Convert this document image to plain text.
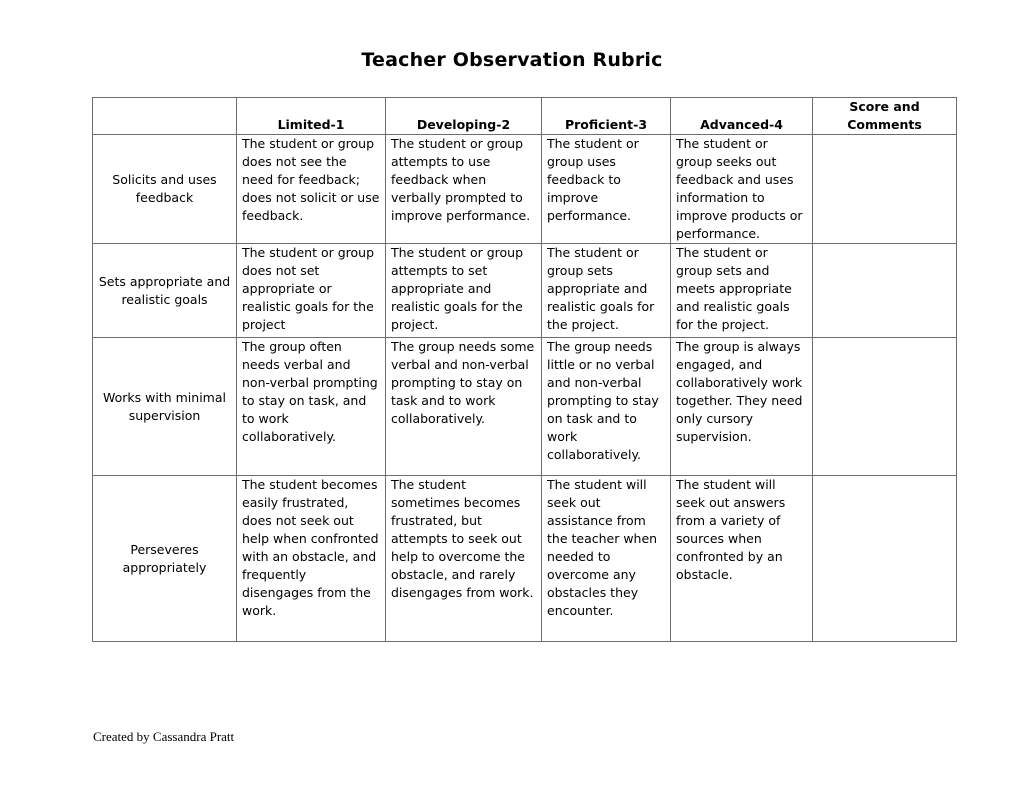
Teacher Observation Rubric
	Limited-1	Developing-2	Proficient-3	Advanced-4	Score and
Comments

Solicits and uses feedback	The student or group does not see the need for feedback; does not solicit or use feedback.	The student or group attempts to use feedback when verbally prompted to improve performance.	The student or group uses feedback to improve performance.	The student or group seeks out feedback and uses information to improve products or performance.	
Sets appropriate and realistic goals	The student or group does not set appropriate or realistic goals for the project	The student or group attempts to set appropriate and realistic goals for the project.	The student or group sets appropriate and realistic goals for the project.	The student or group sets and meets appropriate and realistic goals for the project.	
Works with minimal supervision	The group often needs verbal and non-verbal prompting to stay on task, and to work collaboratively.	The group needs some verbal and non-verbal prompting to stay on task and to work collaboratively.	The group needs little or no verbal and non-verbal prompting to stay on task and to work collaboratively.	The group is always engaged, and collaboratively work together. They need only cursory supervision.	
Perseveres appropriately	The student becomes easily frustrated, does not seek out help when confronted with an obstacle, and frequently disengages from the work.	The student sometimes becomes frustrated, but attempts to seek out help to overcome the obstacle, and rarely disengages from work.	The student will seek out assistance from the teacher when needed to overcome any obstacles they encounter.	The student will seek out answers from a variety of sources when confronted by an obstacle.	
Created by Cassandra Pratt
